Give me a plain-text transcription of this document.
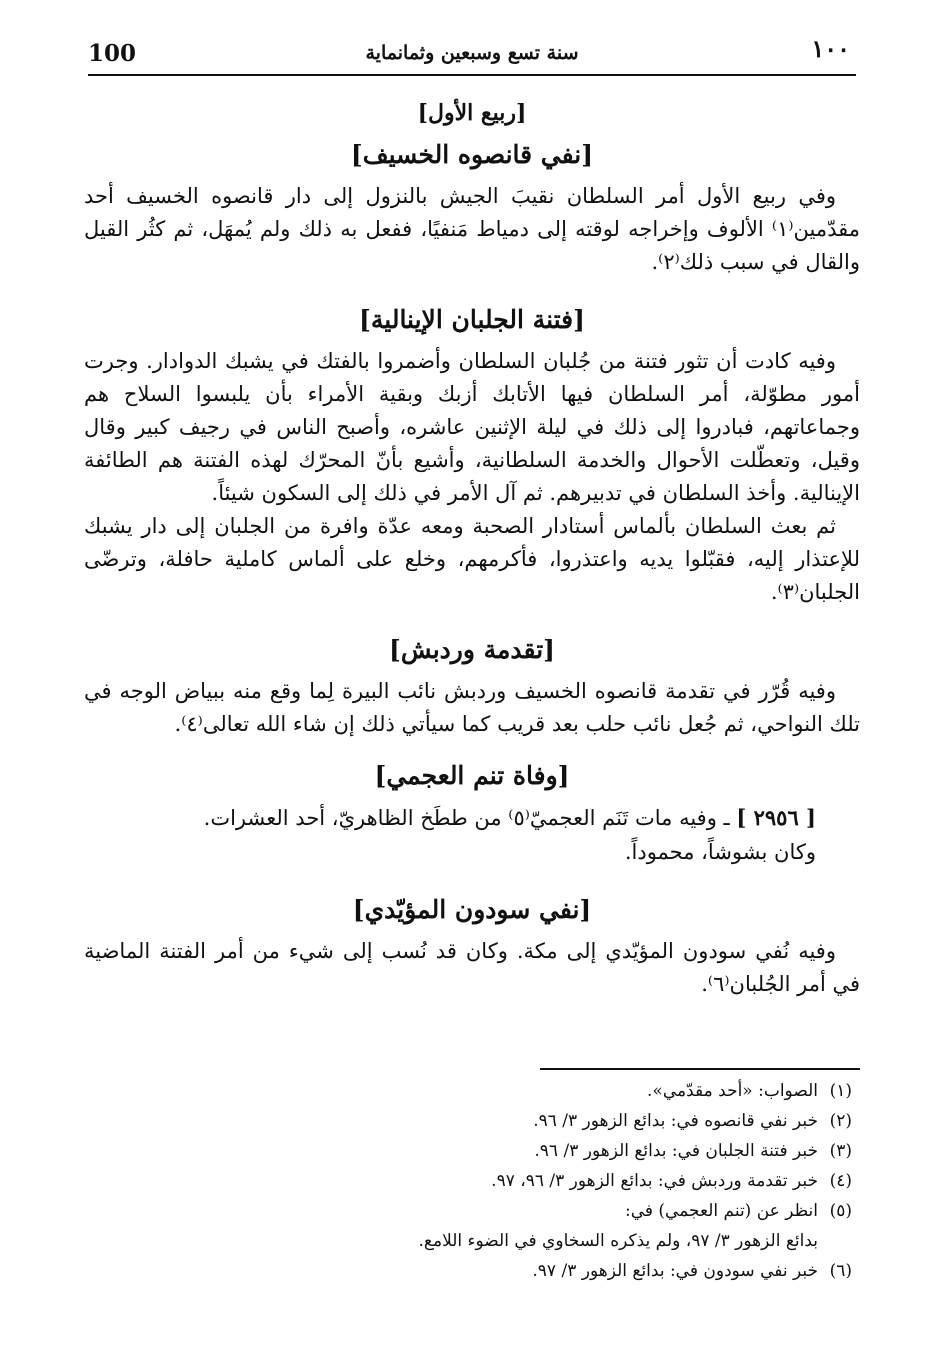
100	سنة تسع وسبعين وثمانماية	١٠٠
[ربيع الأول]
[نفي قانصوه الخسيف]

وفي ربيع الأول أمر السلطان نقيبَ الجيش بالنزول إلى دار قانصوه الخسيف أحد مقدّمين⁽١⁾ الألوف وإخراجه لوقته إلى دمياط مَنفيًا، ففعل به ذلك ولم يُمهَل، ثم كثُر القيل والقال في سبب ذلك⁽٢⁾.

[فتنة الجلبان الإينالية]

وفيه كادت أن تثور فتنة من جُلبان السلطان وأضمروا بالفتك في يشبك الدوادار. وجرت أمور مطوّلة، أمر السلطان فيها الأتابك أزبك وبقية الأمراء بأن يلبسوا السلاح هم وجماعاتهم، فبادروا إلى ذلك في ليلة الإثنين عاشره، وأصبح الناس في رجيف كبير وقال وقيل، وتعطّلت الأحوال والخدمة السلطانية، وأشيع بأنّ المحرّك لهذه الفتنة هم الطائفة الإينالية. وأخذ السلطان في تدبيرهم. ثم آل الأمر في ذلك إلى السكون شيئاً.

ثم بعث السلطان بألماس أستادار الصحبة ومعه عدّة وافرة من الجلبان إلى دار يشبك للإعتذار إليه، فقبّلوا يديه واعتذروا، فأكرمهم، وخلع على ألماس كاملية حافلة، وترضّى الجلبان⁽٣⁾.

[تقدمة وردبش]

وفيه قُرّر في تقدمة قانصوه الخسيف وردبش نائب البيرة لِما وقع منه ببياض الوجه في تلك النواحي، ثم جُعل نائب حلب بعد قريب كما سيأتي ذلك إن شاء الله تعالى⁽٤⁾.

[وفاة تنم العجمي]
[ ٢٩٥٦ ] ـ وفيه مات تَنَم العجميّ⁽٥⁾ من ططَخ الظاهريّ، أحد العشرات.
وكان بشوشاً، محموداً.
[نفي سودون المؤيّدي]

وفيه نُفي سودون المؤيّدي إلى مكة. وكان قد نُسب إلى شيء من أمر الفتنة الماضية في أمر الجُلبان⁽٦⁾.

(١)الصواب: «أحد مقدّمي».
(٢)خبر نفي قانصوه في: بدائع الزهور ٣/ ٩٦.
(٣)خبر فتنة الجلبان في: بدائع الزهور ٣/ ٩٦.
(٤)خبر تقدمة وردبش في: بدائع الزهور ٣/ ٩٦، ٩٧.
(٥)انظر عن (تنم العجمي) في:
بدائع الزهور ٣/ ٩٧، ولم يذكره السخاوي في الضوء اللامع.
(٦)خبر نفي سودون في: بدائع الزهور ٣/ ٩٧.
